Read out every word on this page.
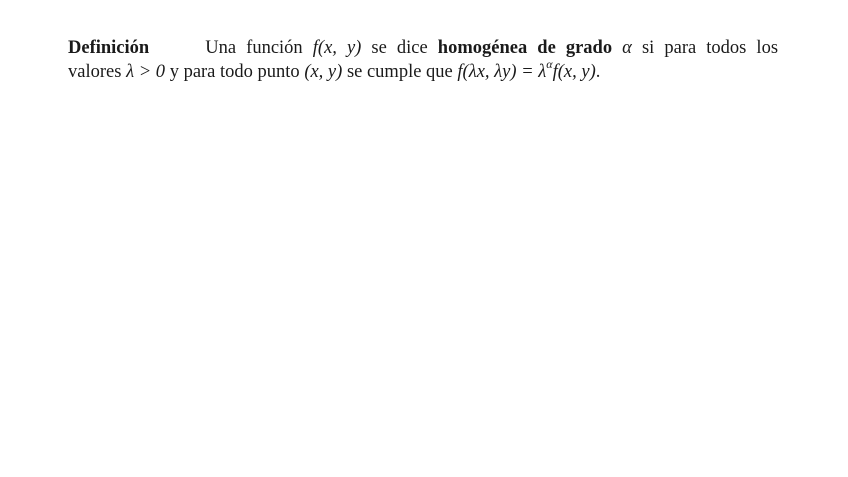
Definición	Una función f(x, y) se dice homogénea de grado α si para todos los
valores λ > 0 y para todo punto (x, y) se cumple que f(λx, $\lambda y) = \lambda^\alpha f(x$, y).
